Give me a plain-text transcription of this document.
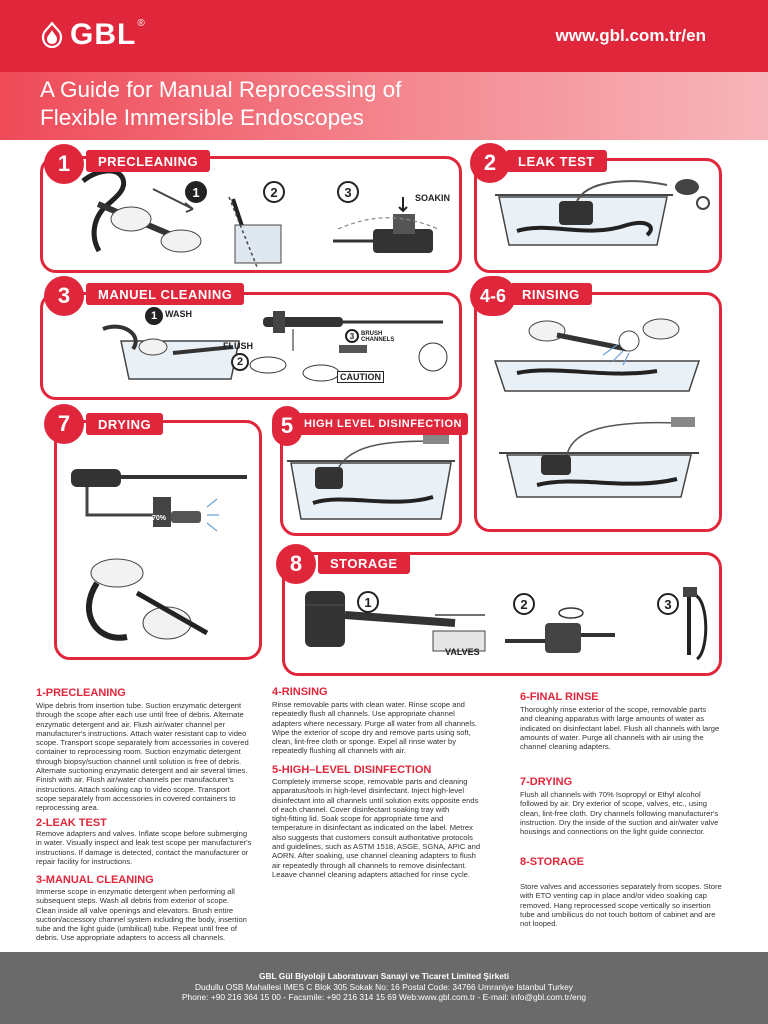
GBL ®
www.gbl.com.tr/en
A Guide for Manual Reprocessing of
Flexible Immersible Endoscopes
1	2	3	SOAKIN
1	PRECLEANING	2	LEAK TEST
1 WASH
FLUSH
2
3	BRUSH CHANNELS
CAUTION
3	MANUEL CLEANING	4-6	RINSING
70%
7	DRYING	5 HIGH LEVEL DISINFECTION
1	2	3
VALVES
8	STORAGE
1-PRECLEANING
Wipe debris from insertion tube. Suction enzymatic detergent
through the scope after each use until free of debris. Alternate
enzymatic detergent and air. Flush air/water channel per
manufacturer's instructions. Attach water resistant cap to video
scope. Transport scope separately from accessories in covered
container to reprocessing room. Suction enzymatic detergent
through biopsy/suction channel until solution is free of debris.
Alternate suctioning enzymatic detergent and air several times.
Finish with air. Flush air/water channels per manufacturer's
instructions. Attach soaking cap to video scope. Transport
scope separately from accessories in covered containers to
reprocessing area.
2-LEAK TEST
Remove adapters and valves. Inflate scope before submerging
in water. Visually inspect and leak test scope per manufacturer's
instructions. If damage is detected, contact the manufacturer or
repair facility for instructions.
3-MANUAL CLEANING
Immerse scope in enzymatic detergent when performing all
subsequent steps. Wash all debris from exterior of scope.
Clean inside all valve openings and elevators. Brush entire
suction/accessory channel system including the body, insertion
tube and the light guide (umbilical) tube. Repeat until free of
debris. Use appropriate adapters to access all channels.
4-RINSING
Rinse removable parts with clean water. Rinse scope and
repeatedly flush all channels. Use appropriate channel
adapters where necessary. Purge all water from all channels.
Wipe the exterior of scope dry and remove parts using soft,
clean, lint-free cloth or sponge. Expel all rinse water by
repeatedly flushing all channels with air.
5-HIGH–LEVEL DISINFECTION
Completely immerse scope, removable parts and cleaning
apparatus/tools in high-level disinfectant. Inject high-level
disinfectant into all channels until solution exits opposite ends
of each channel. Cover disinfectant soaking tray with
tight-fitting lid. Soak scope for appropriate time and
temperature in disinfectant as indicated on the label. Metrex
also suggests that customers consult authoritative protocols
and guidelines, such as ASTM 1518, ASGE, SGNA, APIC and
AORN. After soaking, use channel cleaning adapters to flush
air repeatedly through all channels to remove disinfectant.
Leaave channel cleaning adapters attached for rinse cycle.
6-FINAL RINSE
Thoroughly rinse exterior of the scope, removable parts
and cleaning apparatus with large amounts of water as
indicated on disinfectant label. Flush all channels with large
amounts of water. Purge all channels with air using the
channel cleaning adapters.
7-DRYING
Flush all channels with 70% Isopropyl or Ethyl alcohol
followed by air. Dry exterior of scope, valves, etc., using
clean, lint-free cloth. Dry channels following manufacturer's
instruction. Dry the inside of the suction and air/water valve
housings and connections on the light guide connector.
8-STORAGE
Store valves and accessories separately from scopes. Store
with ETO venting cap in place and/or video soaking cap
removed. Hang reprocessed scope vertically so insertion
tube and umbilicus do not touch bottom of cabinet and are
not looped.
GBL Gül Biyoloji Laboratuvarı Sanayi ve Ticaret Limited Şirketi
Dudullu OSB Mahallesi IMES C Blok 305 Sokak No: 16 Postal Code: 34766 Umraniye Istanbul Turkey
Phone: +90 216 364 15 00 - Facsmile: +90 216 314 15 69 Web:www.gbl.com.tr - E-mail: info@gbl.com.tr/eng
